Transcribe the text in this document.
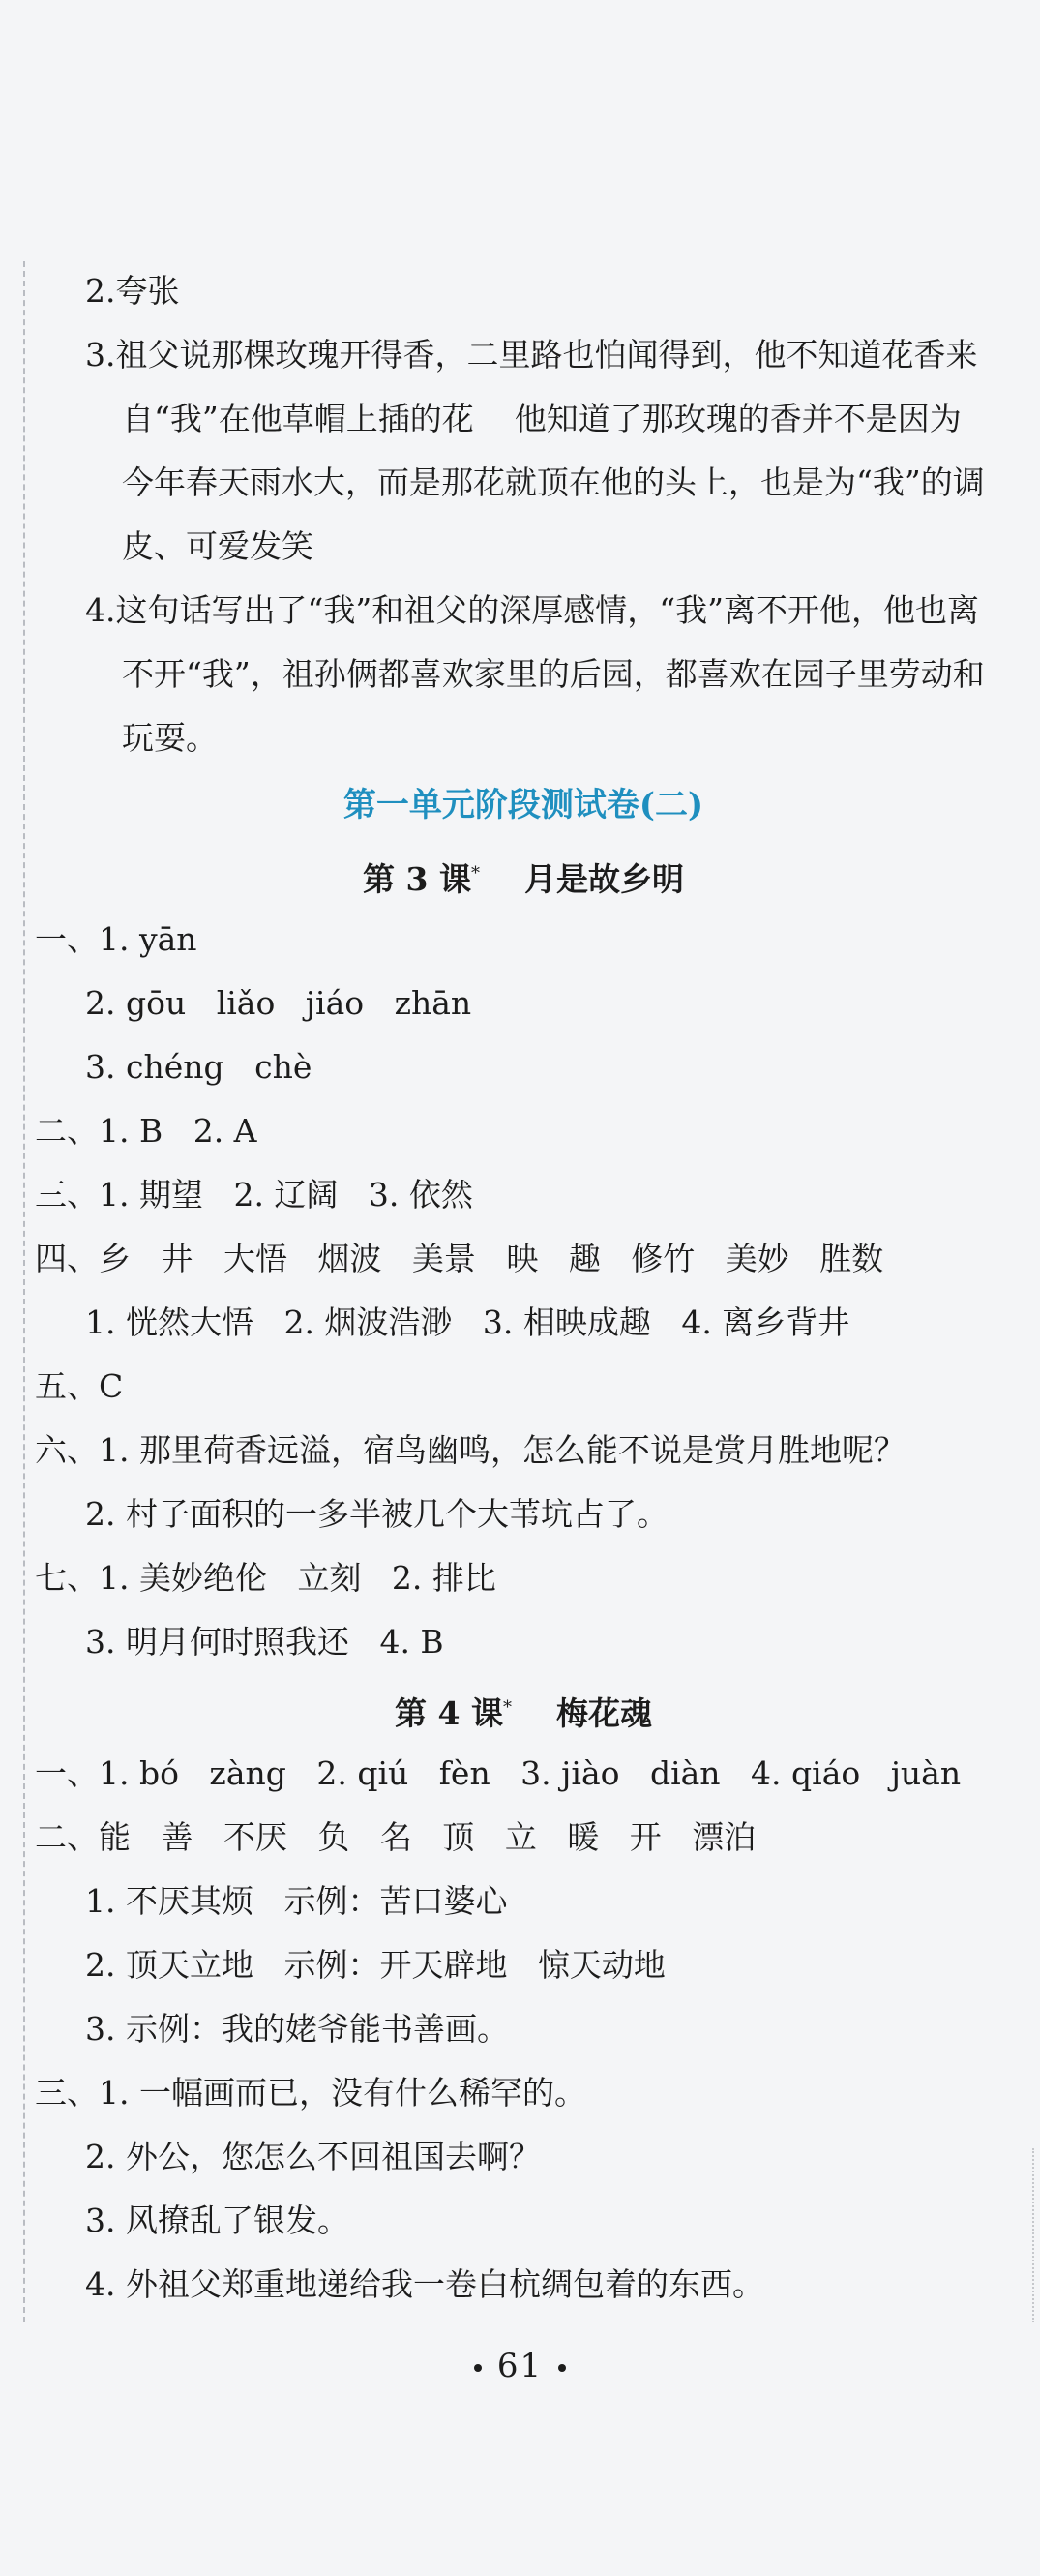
2.夸张
3.祖父说那棵玫瑰开得香，二里路也怕闻得到，他不知道花香来
自“我”在他草帽上插的花    他知道了那玫瑰的香并不是因为
今年春天雨水大，而是那花就顶在他的头上，也是为“我”的调
皮、可爱发笑
4.这句话写出了“我”和祖父的深厚感情，“我”离不开他，他也离
不开“我”，祖孙俩都喜欢家里的后园，都喜欢在园子里劳动和
玩耍。
第一单元阶段测试卷(二)
第 3 课* 月是故乡明
一、1. yān
2. gōu   liǎo   jiáo   zhān
3. chéng   chè
二、1. B   2. A
三、1. 期望   2. 辽阔   3. 依然
四、乡   井   大悟   烟波   美景   映   趣   修竹   美妙   胜数
1. 恍然大悟   2. 烟波浩渺   3. 相映成趣   4. 离乡背井
五、C
六、1. 那里荷香远溢，宿鸟幽鸣，怎么能不说是赏月胜地呢？
2. 村子面积的一多半被几个大苇坑占了。
七、1. 美妙绝伦   立刻   2. 排比
3. 明月何时照我还   4. B
第 4 课* 梅花魂
一、1. bó   zàng   2. qiú   fèn   3. jiào   diàn   4. qiáo   juàn
二、能   善   不厌   负   名   顶   立   暖   开   漂泊
1. 不厌其烦   示例：苦口婆心
2. 顶天立地   示例：开天辟地   惊天动地
3. 示例：我的姥爷能书善画。
三、1. 一幅画而已，没有什么稀罕的。
2. 外公，您怎么不回祖国去啊？
3. 风撩乱了银发。
4. 外祖父郑重地递给我一卷白杭绸包着的东西。
61
